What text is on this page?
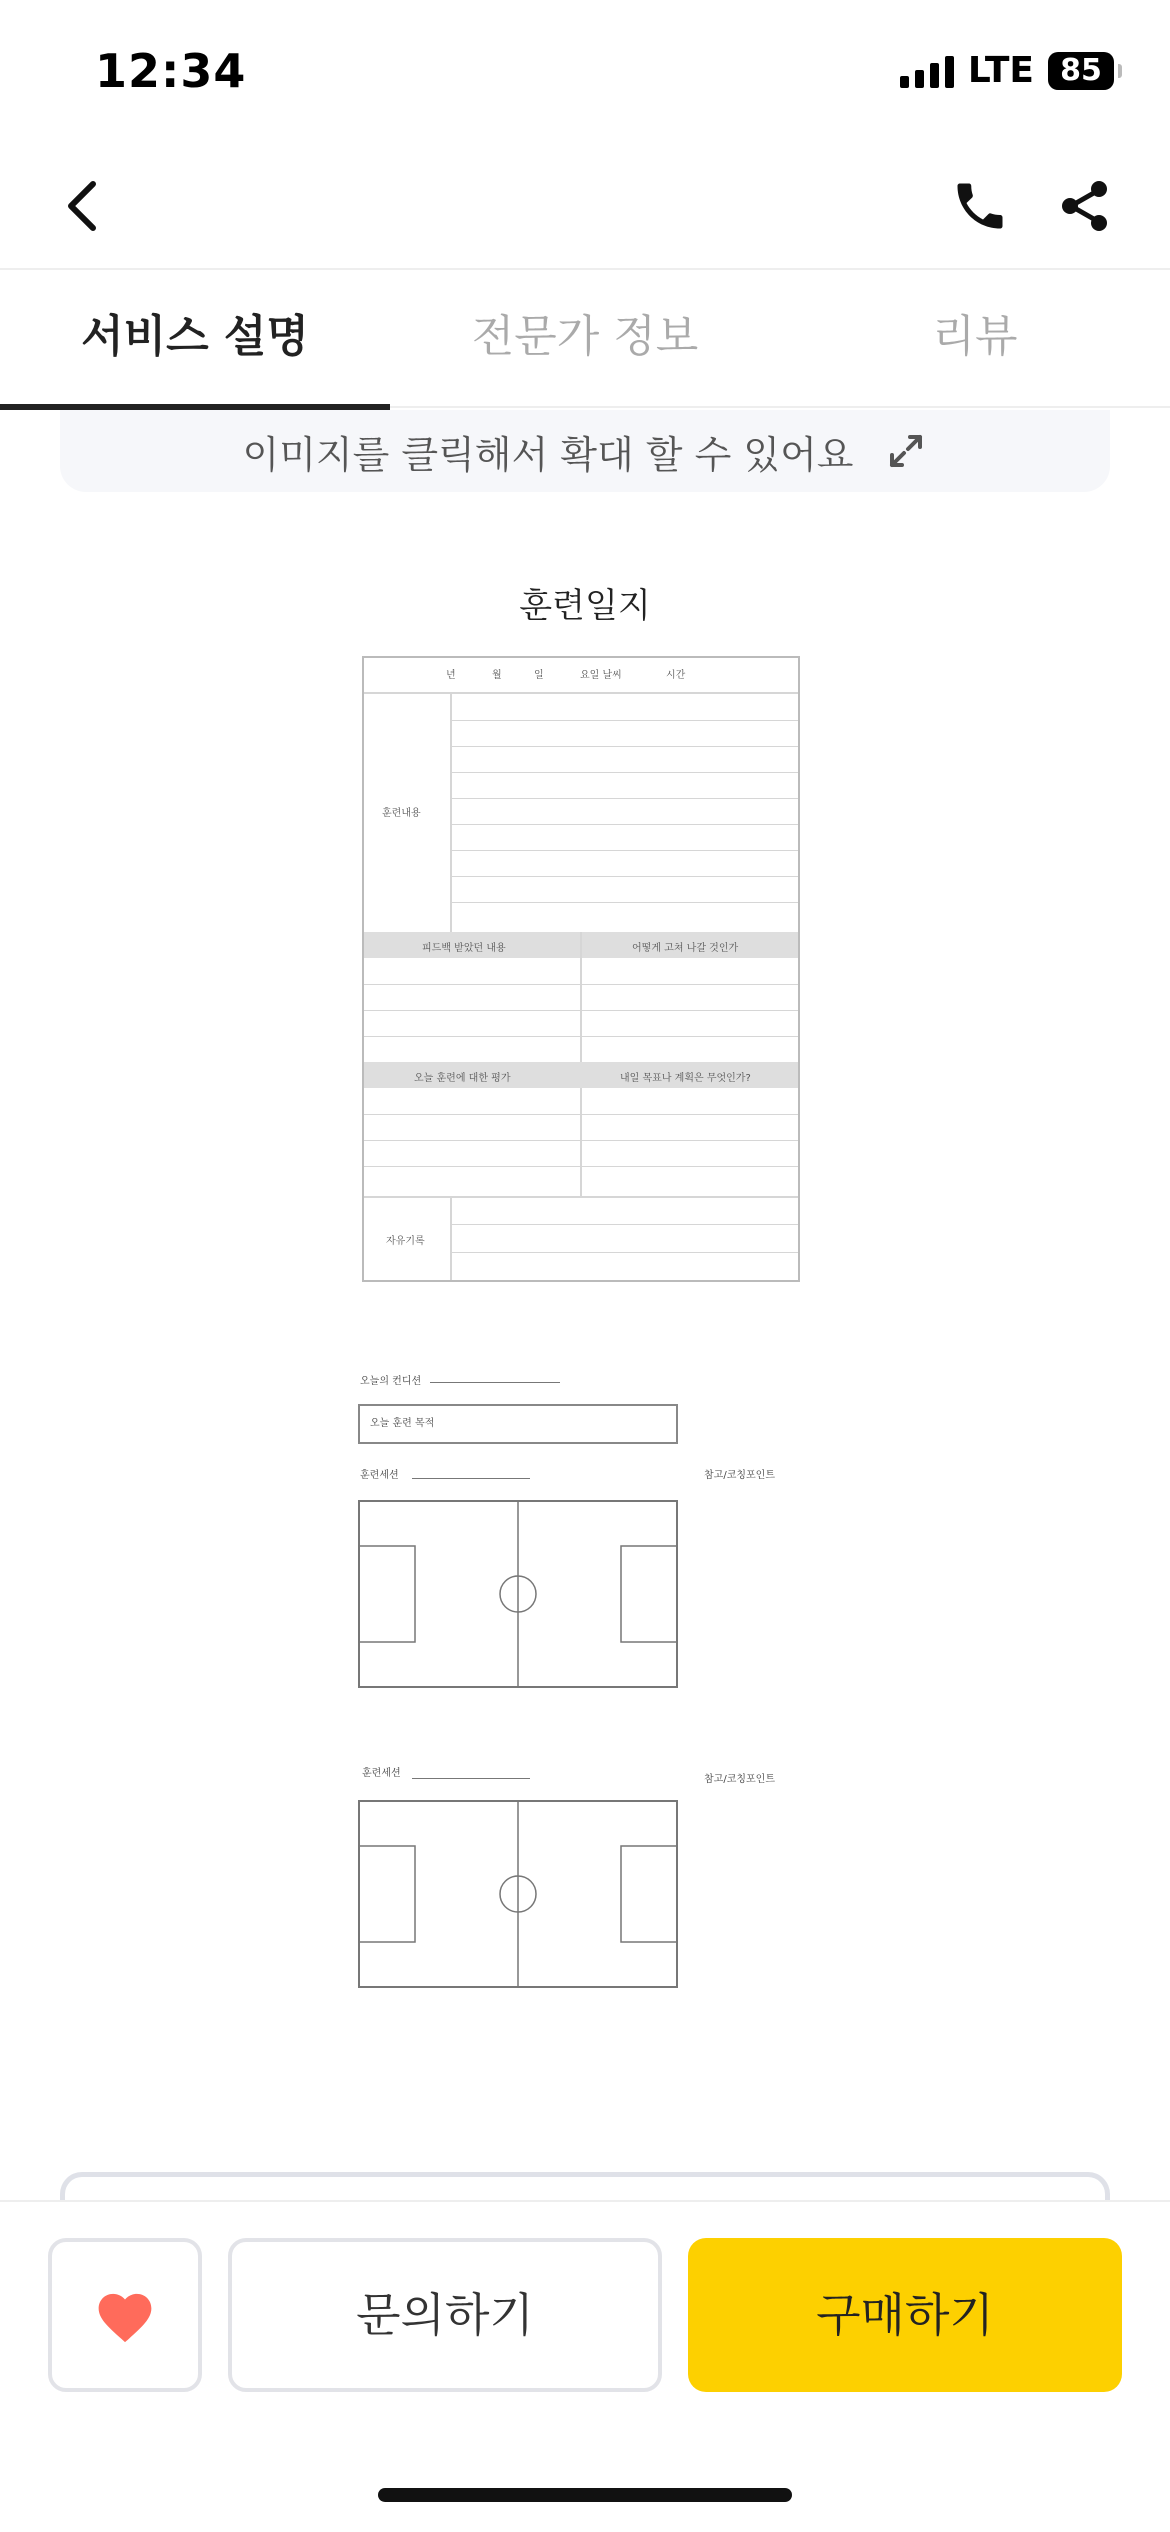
12:34	LTE 85
서비스 설명	전문가 정보	리뷰
이미지를 클릭해서 확대 할 수 있어요
훈련일지
년	월	일	요일 날씨	시간
훈련내용
피드백 받았던 내용	어떻게 고쳐 나갈 것인가
오늘 훈련에 대한 평가	내일 목표나 계획은 무엇인가?
자유기록
오늘의 컨디션
오늘 훈련 목적
훈련세션	참고/코칭포인트
훈련세션
참고/코칭포인트
문의하기	구매하기
